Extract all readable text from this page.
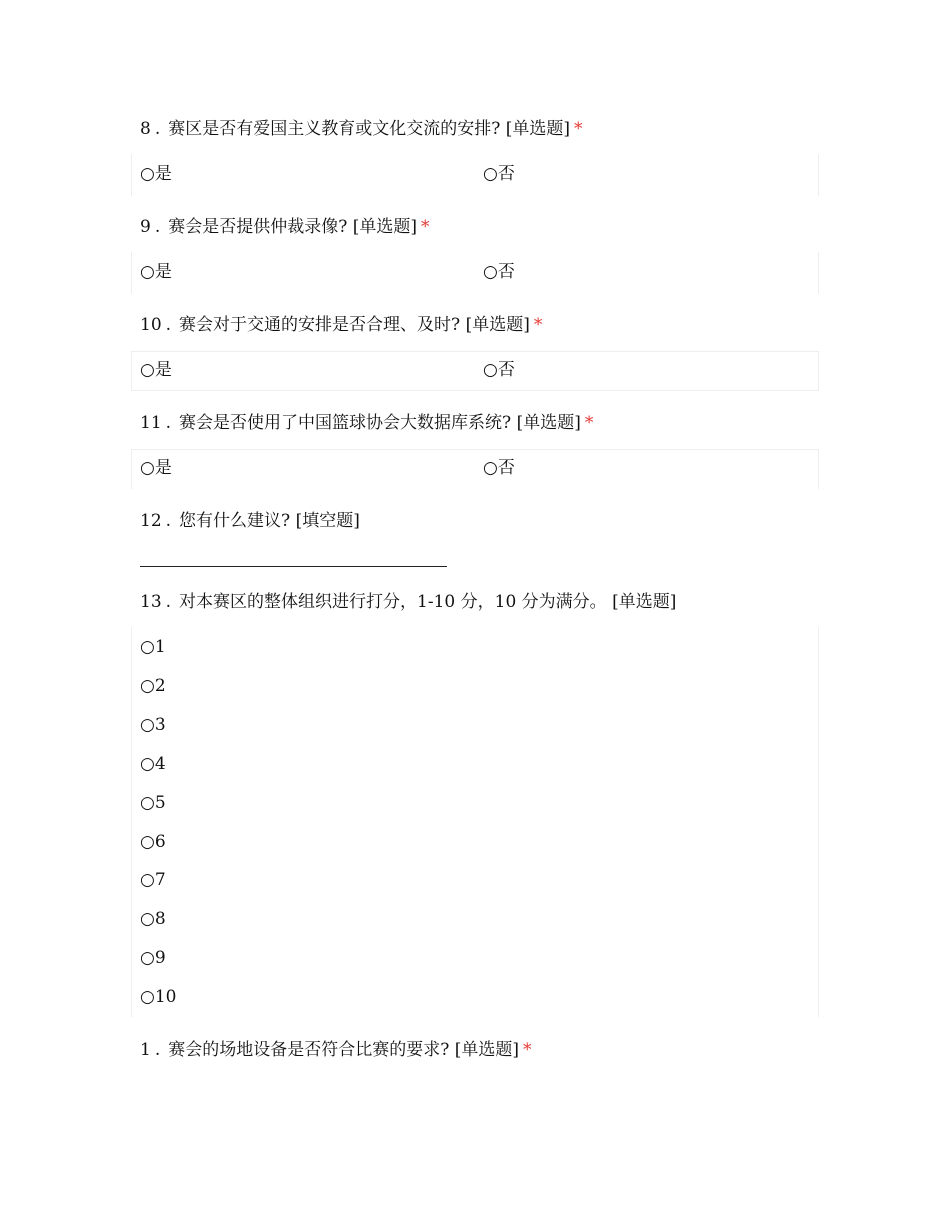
8 . 赛区是否有爱国主义教育或文化交流的安排? [单选题] *
○是	○否
9 . 赛会是否提供仲裁录像? [单选题] *
○是	○否
10 . 赛会对于交通的安排是否合理、及时? [单选题] *
○是	○否
11 . 赛会是否使用了中国篮球协会大数据库系统? [单选题] *
○是	○否
12 . 您有什么建议? [填空题]
13 . 对本赛区的整体组织进行打分，1-10 分，10 分为满分。 [单选题]
○1
○2
○3
○4
○5
○6
○7
○8
○9
○10
1 . 赛会的场地设备是否符合比赛的要求? [单选题] *
